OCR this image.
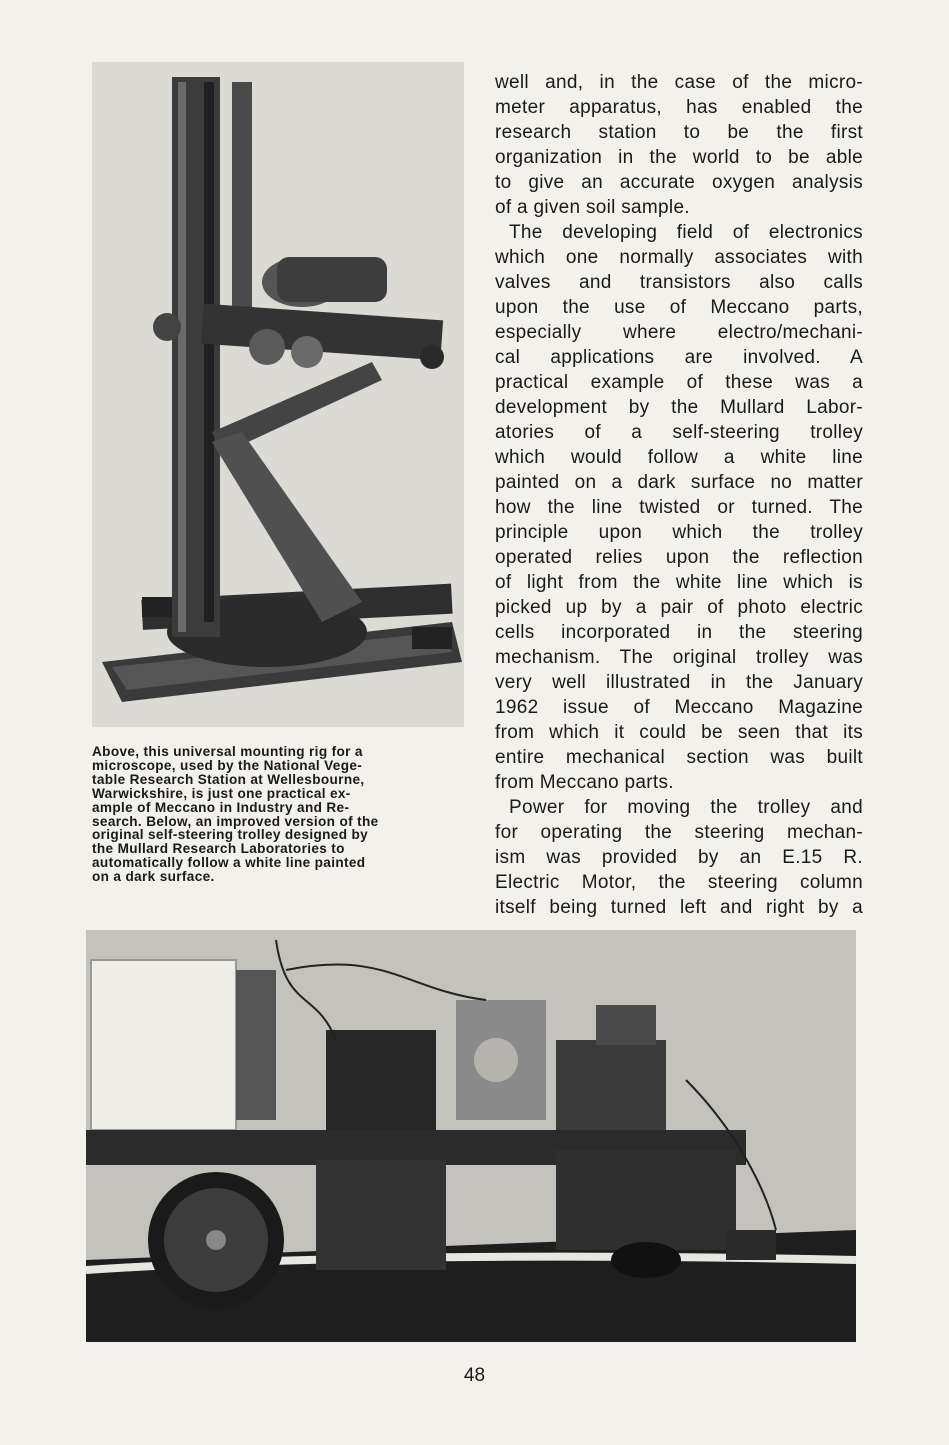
Above, this universal mounting rig for a
microscope, used by the National Vege-
table Research Station at Wellesbourne,
Warwickshire, is just one practical ex-
ample of Meccano in Industry and Re-
search. Below, an improved version of the
original self-steering trolley designed by
the Mullard Research Laboratories to
automatically follow a white line painted
on a dark surface.
well and, in the case of the micro-
meter apparatus, has enabled the
research station to be the first
organization in the world to be able
to give an accurate oxygen analysis
of a given soil sample.
The developing field of electronics
which one normally associates with
valves and transistors also calls
upon the use of Meccano parts,
especially where electro/mechani-
cal applications are involved. A
practical example of these was a
development by the Mullard Labor-
atories of a self-steering trolley
which would follow a white line
painted on a dark surface no matter
how the line twisted or turned. The
principle upon which the trolley
operated relies upon the reflection
of light from the white line which is
picked up by a pair of photo electric
cells incorporated in the steering
mechanism. The original trolley was
very well illustrated in the January
1962 issue of Meccano Magazine
from which it could be seen that its
entire mechanical section was built
from Meccano parts.
Power for moving the trolley and
for operating the steering mechan-
ism was provided by an E.15 R.
Electric Motor, the steering column
itself being turned left and right by a
48
